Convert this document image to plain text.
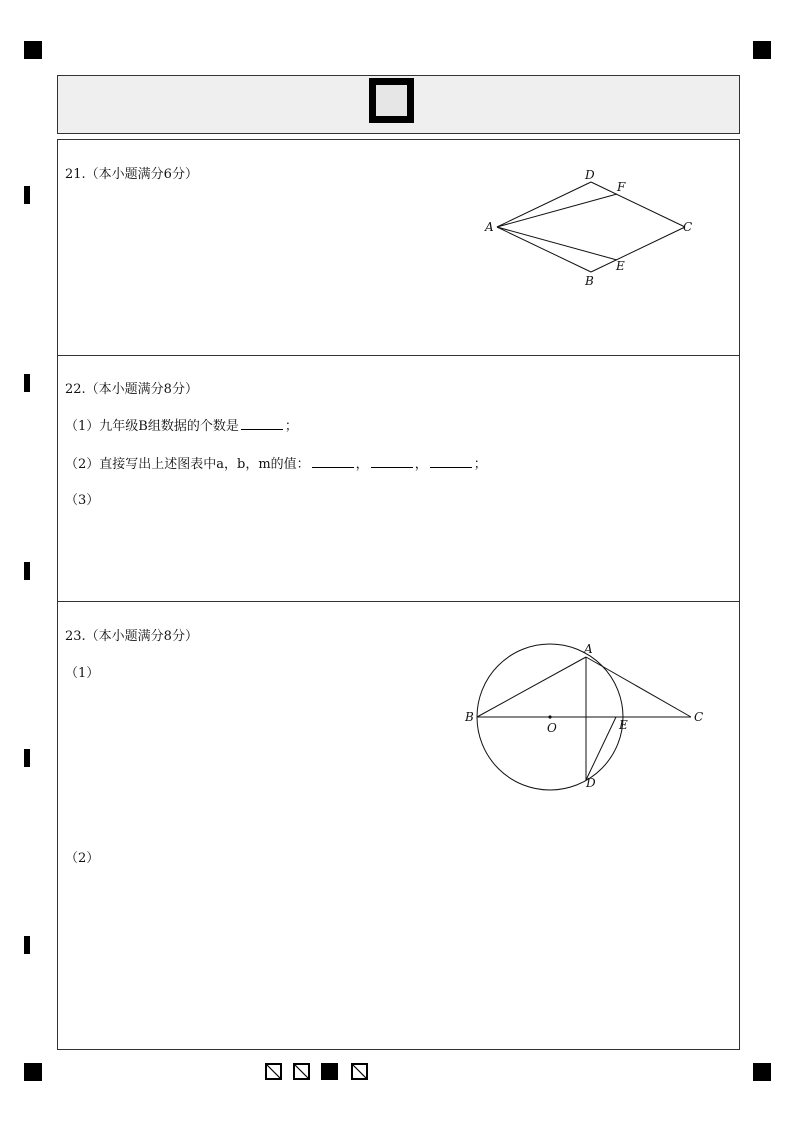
21.（本小题满分6分）
A
D
F
C
E
B
22.（本小题满分8分）
（1）九年级B组数据的个数是	；
（2）直接写出上述图表中a，b，m的值：	，	，	；
（3）
23.（本小题满分8分）
（1）
（2）
A
B
O	E
C
D
